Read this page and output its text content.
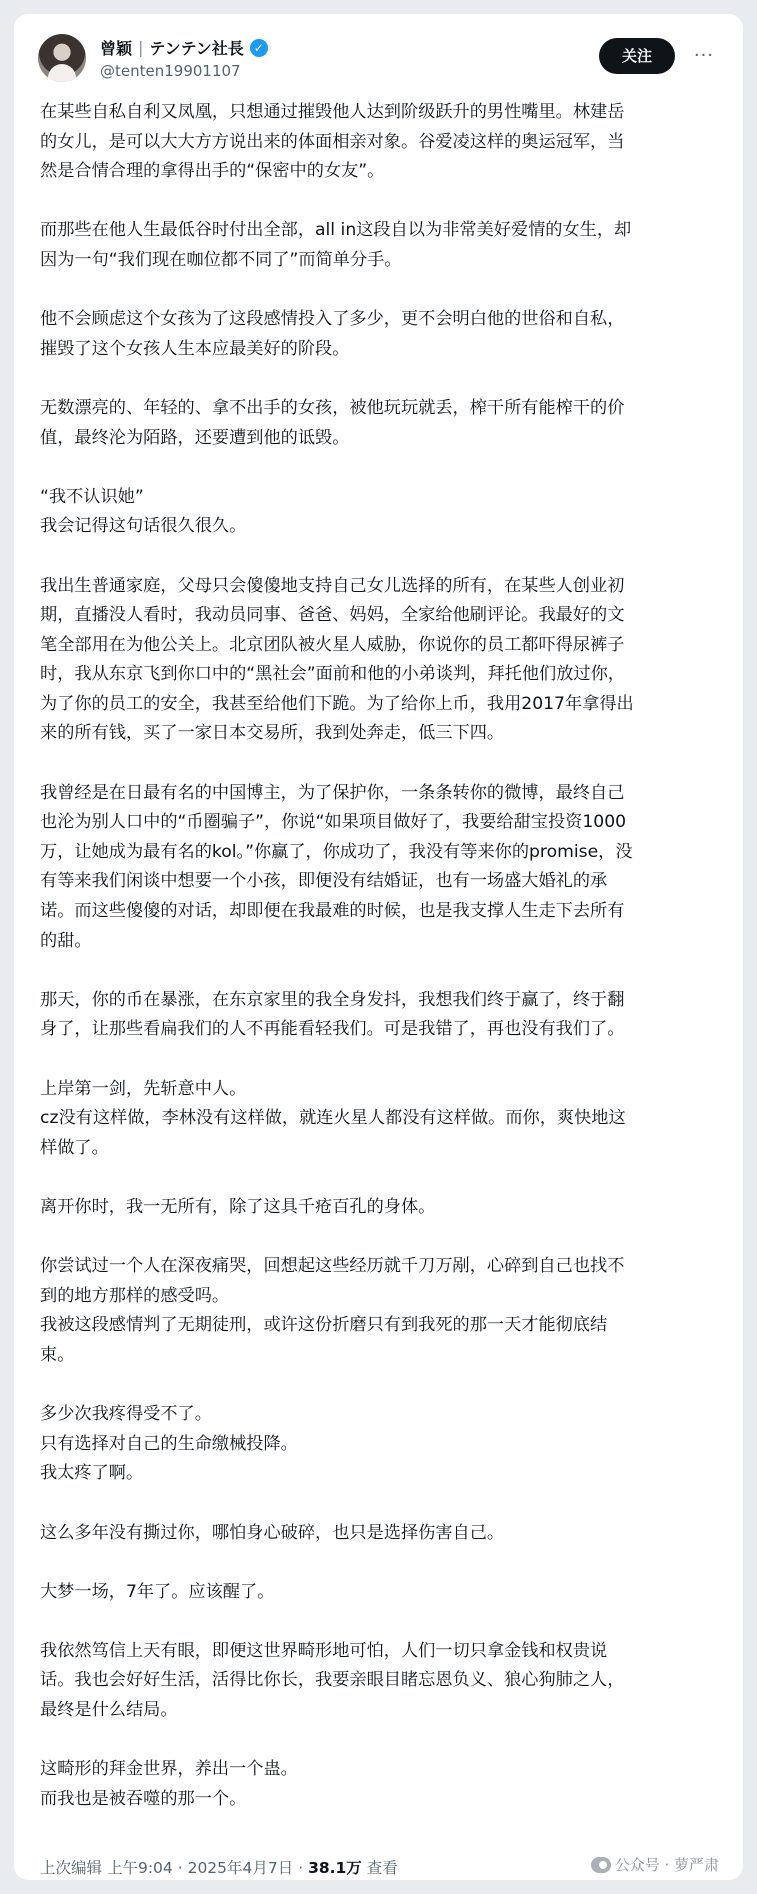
曾颖 | テンテン社長 ✓
@tenten19901107
关注	···
在某些自私自利又凤凰，只想通过摧毁他人达到阶级跃升的男性嘴里。林建岳
的女儿，是可以大大方方说出来的体面相亲对象。谷爱凌这样的奥运冠军，当
然是合情合理的拿得出手的“保密中的女友”。
而那些在他人生最低谷时付出全部，all in这段自以为非常美好爱情的女生，却
因为一句“我们现在咖位都不同了”而简单分手。
他不会顾虑这个女孩为了这段感情投入了多少，更不会明白他的世俗和自私，
摧毁了这个女孩人生本应最美好的阶段。
无数漂亮的、年轻的、拿不出手的女孩，被他玩玩就丢，榨干所有能榨干的价
值，最终沦为陌路，还要遭到他的诋毁。
“我不认识她”
我会记得这句话很久很久。
我出生普通家庭，父母只会傻傻地支持自己女儿选择的所有，在某些人创业初
期，直播没人看时，我动员同事、爸爸、妈妈，全家给他刷评论。我最好的文
笔全部用在为他公关上。北京团队被火星人威胁，你说你的员工都吓得尿裤子
时，我从东京飞到你口中的“黑社会”面前和他的小弟谈判，拜托他们放过你，
为了你的员工的安全，我甚至给他们下跪。为了给你上币，我用2017年拿得出
来的所有钱，买了一家日本交易所，我到处奔走，低三下四。
我曾经是在日最有名的中国博主，为了保护你，一条条转你的微博，最终自己
也沦为别人口中的“币圈骗子”，你说“如果项目做好了，我要给甜宝投资1000
万，让她成为最有名的kol。”你赢了，你成功了，我没有等来你的promise，没
有等来我们闲谈中想要一个小孩，即便没有结婚证，也有一场盛大婚礼的承
诺。而这些傻傻的对话，却即便在我最难的时候，也是我支撑人生走下去所有
的甜。
那天，你的币在暴涨，在东京家里的我全身发抖，我想我们终于赢了，终于翻
身了，让那些看扁我们的人不再能看轻我们。可是我错了，再也没有我们了。
上岸第一剑，先斩意中人。
cz没有这样做，李林没有这样做，就连火星人都没有这样做。而你，爽快地这
样做了。
离开你时，我一无所有，除了这具千疮百孔的身体。
你尝试过一个人在深夜痛哭，回想起这些经历就千刀万剐，心碎到自己也找不
到的地方那样的感受吗。
我被这段感情判了无期徒刑，或许这份折磨只有到我死的那一天才能彻底结
束。
多少次我疼得受不了。
只有选择对自己的生命缴械投降。
我太疼了啊。
这么多年没有撕过你，哪怕身心破碎，也只是选择伤害自己。
大梦一场，7年了。应该醒了。
我依然笃信上天有眼，即便这世界畸形地可怕，人们一切只拿金钱和权贵说
话。我也会好好生活，活得比你长，我要亲眼目睹忘恩负义、狼心狗肺之人，
最终是什么结局。
这畸形的拜金世界，养出一个蛊。
而我也是被吞噬的那一个。
上次编辑 上午9:04 · 2025年4月7日 · 38.1万 查看	公众号 · 萝严肃
